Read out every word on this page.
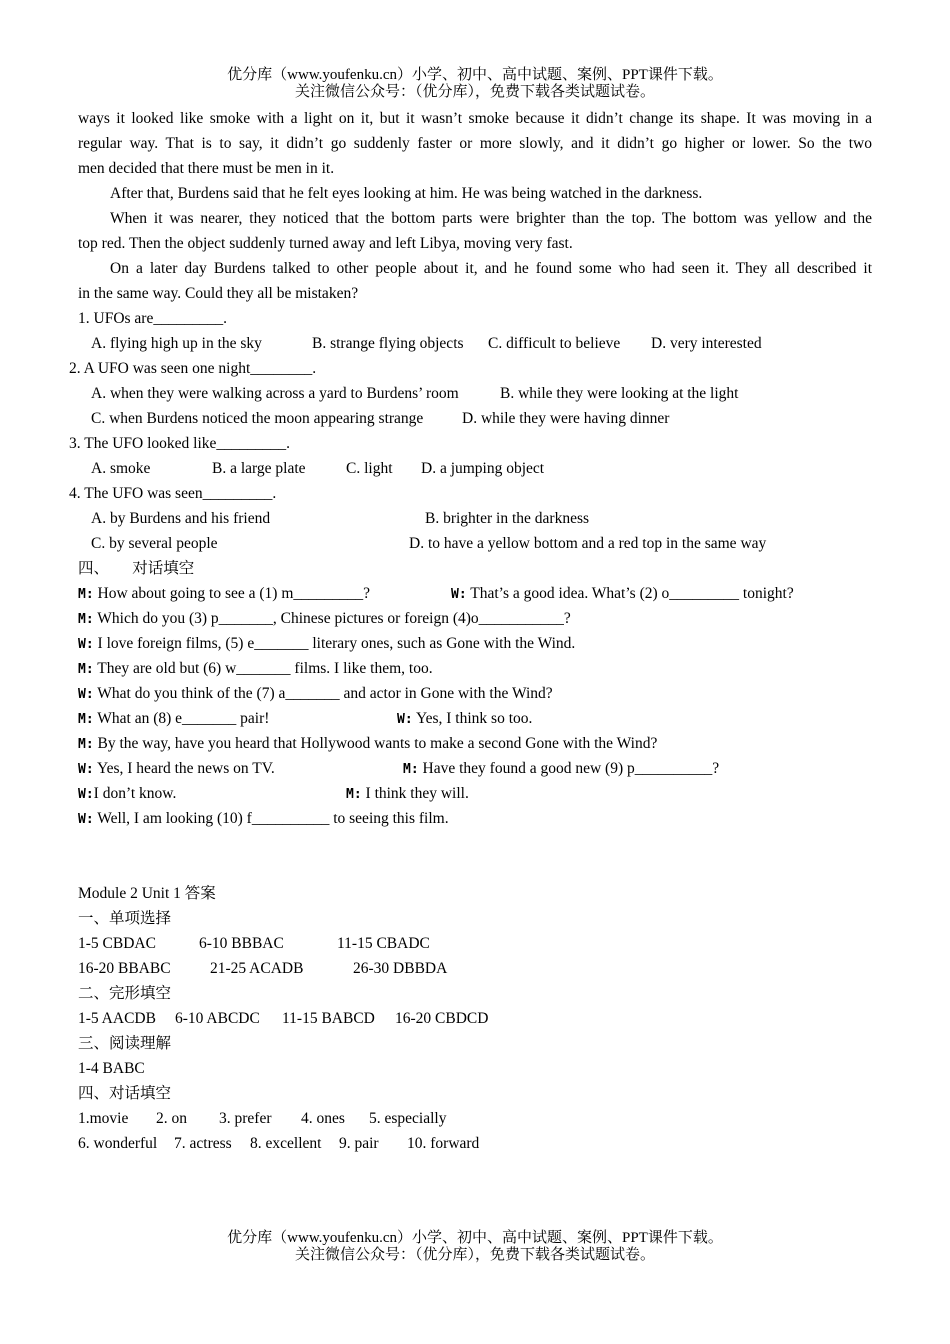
优分库（www.youfenku.cn）小学、初中、高中试题、案例、PPT课件下载。
关注微信公众号：（优分库），免费下载各类试题试卷。
ways it looked like smoke with a light on it, but it wasn’t smoke because it didn’t change its shape. It was moving in a
regular way. That is to say, it didn’t go suddenly faster or more slowly, and it didn’t go higher or lower. So the two
men decided that there must be men in it.
After that, Burdens said that he felt eyes looking at him. He was being watched in the darkness.
When it was nearer, they noticed that the bottom parts were brighter than the top. The bottom was yellow and the
top red. Then the object suddenly turned away and left Libya, moving very fast.
On a later day Burdens talked to other people about it, and he found some who had seen it. They all described it
in the same way. Could they all be mistaken?
1. UFOs are_________.
A. flying high up in the sky	B. strange flying objects C. difficult to believe D. very interested
2. A UFO was seen one night________.
A. when they were walking across a yard to Burdens’ room	B. while they were looking at the light
C. when Burdens noticed the moon appearing strange D. while they were having dinner
3. The UFO looked like_________.
A. smoke	B. a large plate	C. light D. a jumping object
4. The UFO was seen_________.
A. by Burdens and his friend	B. brighter in the darkness
C. by several people	D. to have a yellow bottom and a red top in the same way
四、　　对话填空
M: How about going to see a (1) m_________?	W: That’s a good idea. What’s (2) o_________ tonight?
M: Which do you (3) p_______, Chinese pictures or foreign (4)o___________?
W: I love foreign films, (5) e_______ literary ones, such as Gone with the Wind.
M: They are old but (6) w_______ films. I like them, too.
W: What do you think of the (7) a_______ and actor in Gone with the Wind?
M: What an (8) e_______ pair!	W: Yes, I think so too.
M: By the way, have you heard that Hollywood wants to make a second Gone with the Wind?
W: Yes, I heard the news on TV.	M: Have they found a good new (9) p__________?
W:I don’t know.	M: I think they will.
W: Well, I am looking (10) f__________ to seeing this film.
Module 2 Unit 1 答案
一、单项选择
1-5 CBDAC	6-10 BBBAC	11-15 CBADC
16-20 BBABC	21-25 ACADB	26-30 DBBDA
二、完形填空
1-5 AACDB 6-10 ABCDC 11-15 BABCD 16-20 CBDCD
三、阅读理解
1-4 BABC
四、对话填空
1.movie 2. on 3. prefer 4. ones 5. especially
6. wonderful 7. actress 8. excellent 9. pair 10. forward
优分库（www.youfenku.cn）小学、初中、高中试题、案例、PPT课件下载。
关注微信公众号：（优分库），免费下载各类试题试卷。
